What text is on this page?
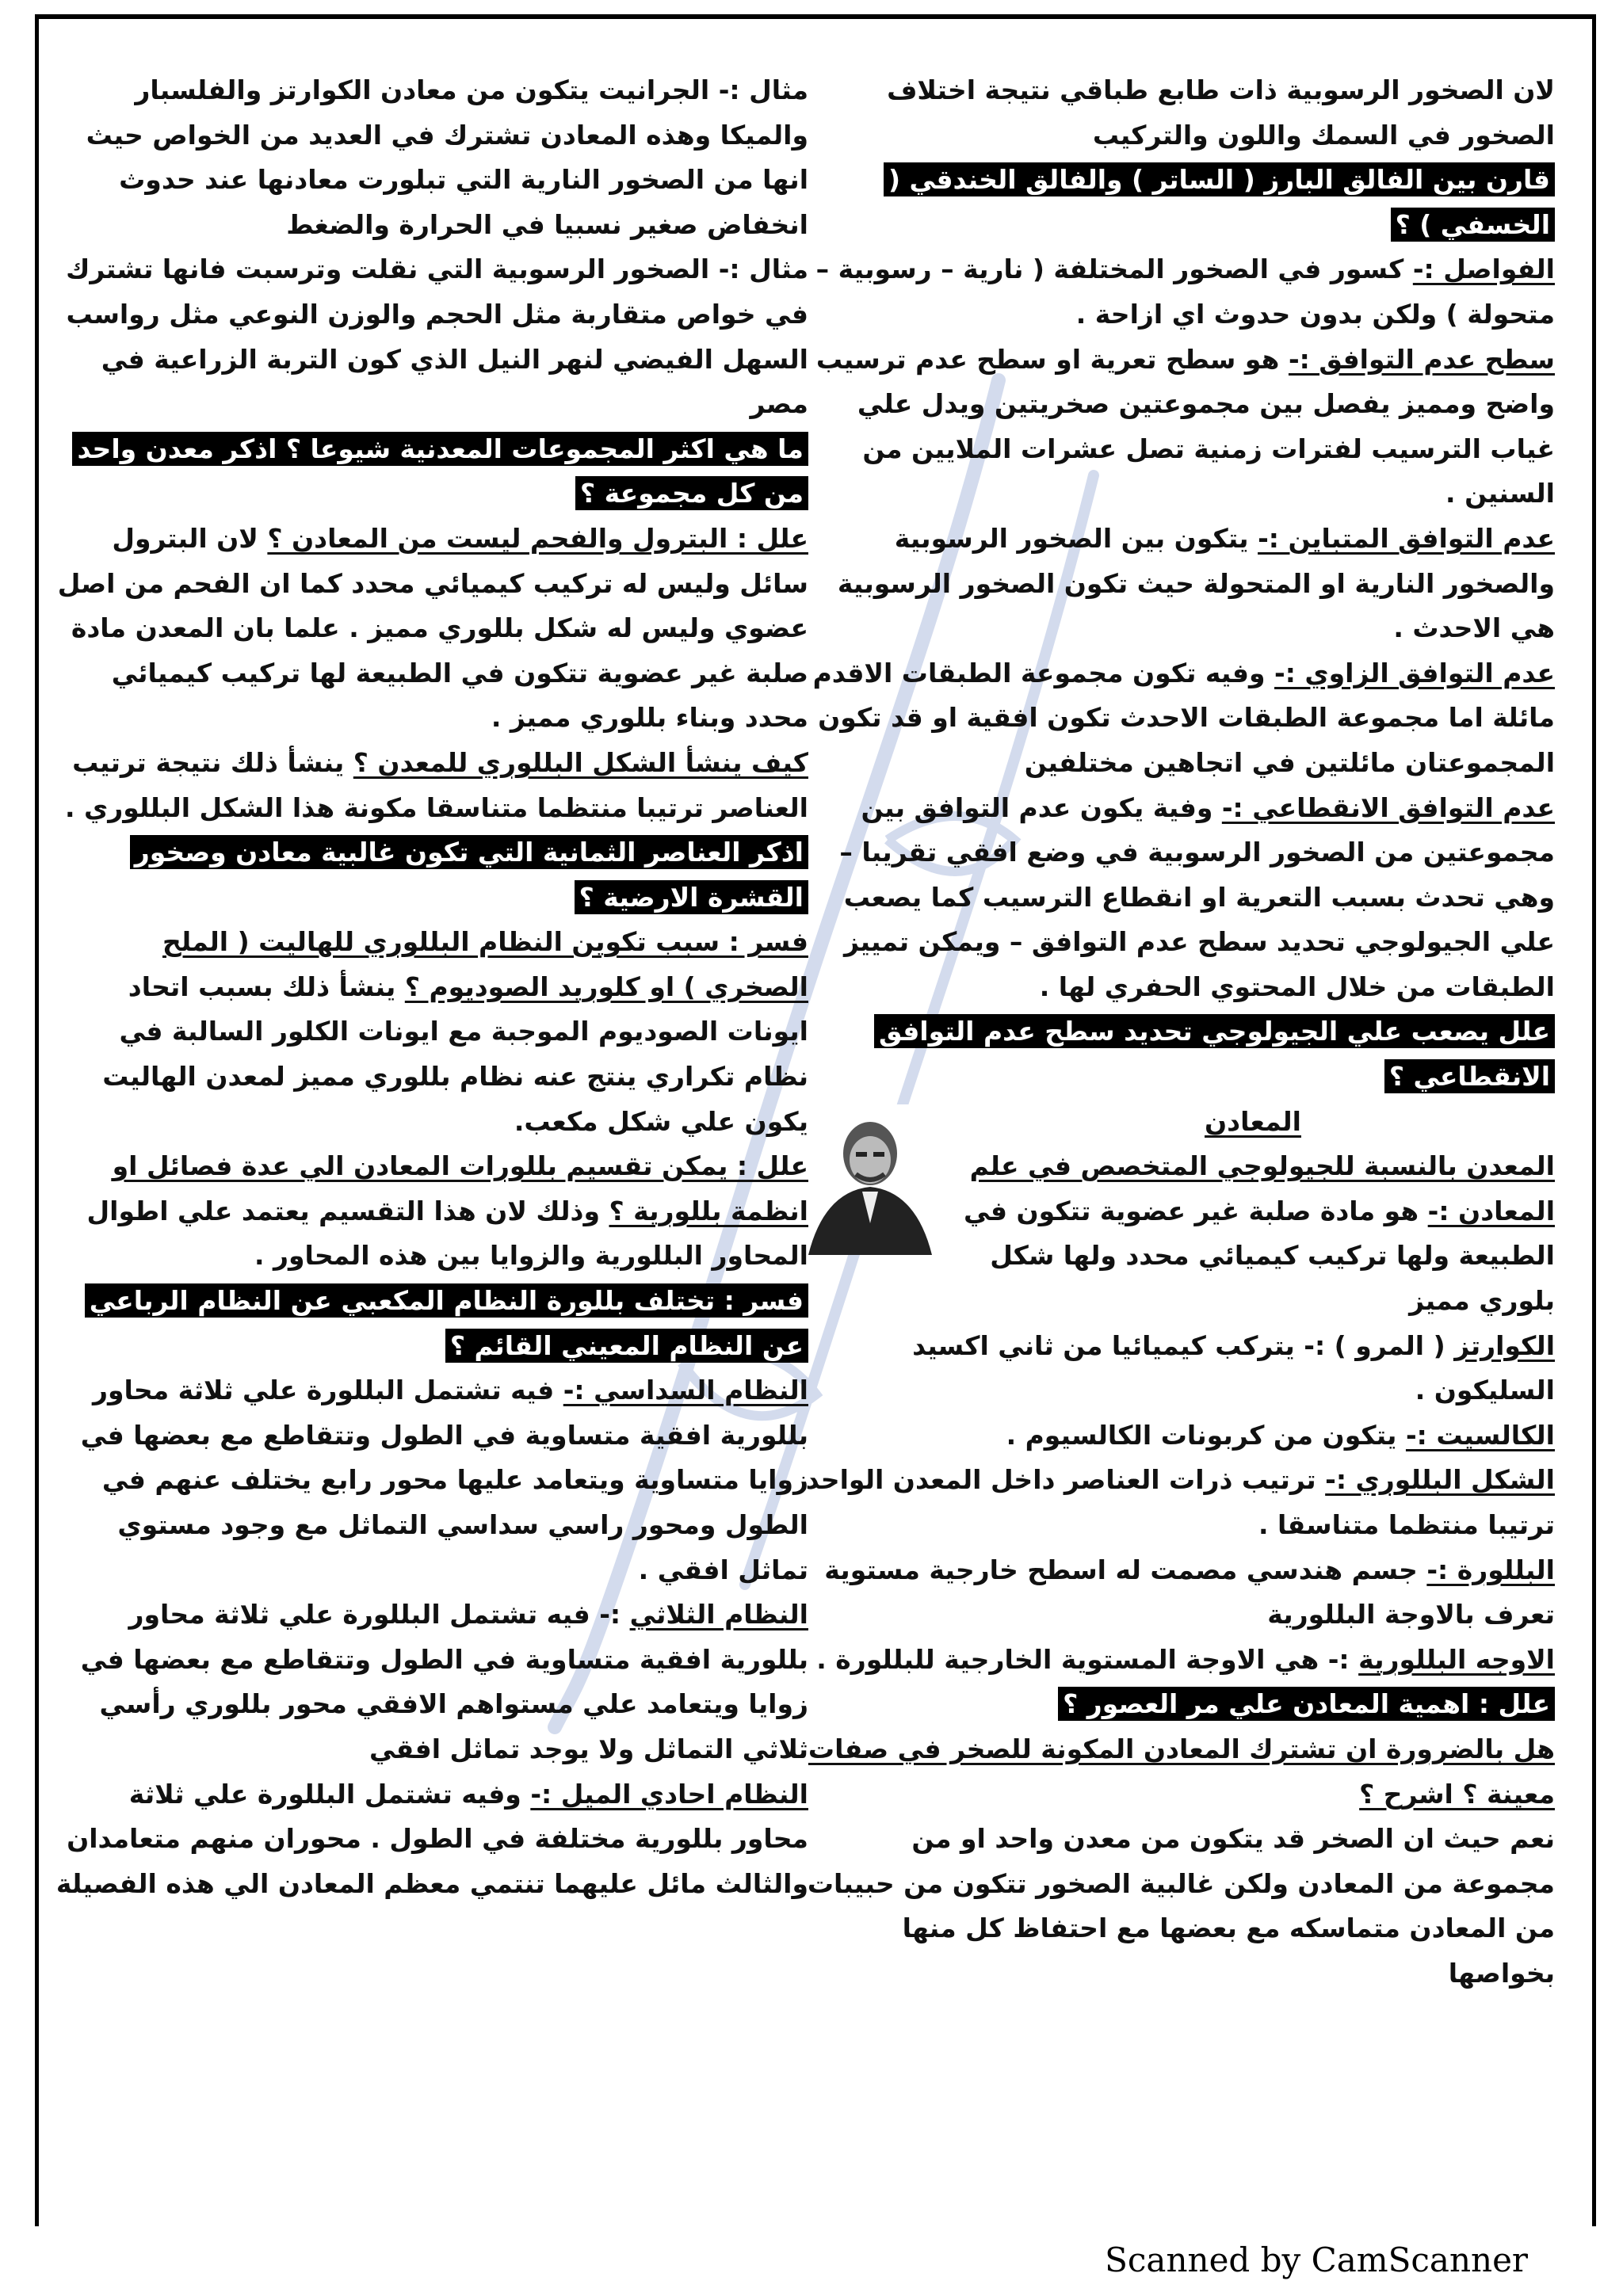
لان الصخور الرسوبية ذات طابع طباقي نتيجة اختلاف الصخور في السمك واللون والتركيب

قارن بين الفالق البارز ( الساتر ) والفالق الخندقي ( الخسفي ) ؟

الفواصل :- كسور في الصخور المختلفة ( نارية – رسوبية – متحولة ) ولكن بدون حدوث اي ازاحة .

سطح عدم التوافق :- هو سطح تعرية او سطح عدم ترسيب واضح ومميز يفصل بين مجموعتين صخريتين ويدل علي غياب الترسيب لفترات زمنية تصل عشرات الملايين من السنين .

عدم التوافق المتباين :- يتكون بين الصخور الرسوبية والصخور النارية او المتحولة حيث تكون الصخور الرسوبية هي الاحدث .

عدم التوافق الزاوي :- وفيه تكون مجموعة الطبقات الاقدم مائلة اما مجموعة الطبقات الاحدث تكون افقية او قد تكون المجموعتان مائلتين في اتجاهين مختلفين

عدم التوافق الانقطاعي :- وفية يكون عدم التوافق بين مجموعتين من الصخور الرسوبية في وضع افقي تقريبا – وهي تحدث بسبب التعرية او انقطاع الترسيب كما يصعب علي الجيولوجي تحديد سطح عدم التوافق – ويمكن تمييز الطبقات من خلال المحتوي الحفري لها .

علل يصعب علي الجيولوجي تحديد سطح عدم التوافق الانقطاعي ؟

المعادن

المعدن بالنسبة للجيولوجي المتخصص في علم المعادن :- هو مادة صلبة غير عضوية تتكون في الطبيعة ولها تركيب كيميائي محدد ولها شكل بلوري مميز

الكوارتز ( المرو ) :- يتركب كيميائيا من ثاني اكسيد السليكون .

الكالسيت :- يتكون من كربونات الكالسيوم .

الشكل البللوري :- ترتيب ذرات العناصر داخل المعدن الواحد ترتيبا منتظما متناسقا .

البللورة :- جسم هندسي مصمت له اسطح خارجية مستوية تعرف بالاوجة البللورية

الاوجه البللورية :- هي الاوجة المستوية الخارجية للبللورة .

علل : اهمية المعادن علي مر العصور ؟

هل بالضرورة ان تشترك المعادن المكونة للصخر في صفات معينة ؟ اشرح ؟

نعم حيث ان الصخر قد يتكون من معدن واحد او من مجموعة من المعادن ولكن غالبية الصخور تتكون من حبيبات من المعادن متماسكه مع بعضها مع احتفاظ كل منها بخواصها

مثال :- الجرانيت يتكون من معادن الكوارتز والفلسبار والميكا وهذه المعادن تشترك في العديد من الخواص حيث انها من الصخور النارية التي تبلورت معادنها عند حدوث انخفاض صغير نسبيا في الحرارة والضغط

مثال :- الصخور الرسوبية التي نقلت وترسبت فانها تشترك في خواص متقاربة مثل الحجم والوزن النوعي مثل رواسب السهل الفيضي لنهر النيل الذي كون التربة الزراعية في مصر

ما هي اكثر المجموعات المعدنية شيوعا ؟ اذكر معدن واحد من كل مجموعة ؟

علل : البترول والفحم ليست من المعادن ؟ لان البترول سائل وليس له تركيب كيميائي محدد كما ان الفحم من اصل عضوي وليس له شكل بللوري مميز . علما بان المعدن مادة صلبة غير عضوية تتكون في الطبيعة لها تركيب كيميائي محدد وبناء بللوري مميز .

كيف ينشأ الشكل البللوري للمعدن ؟ ينشأ ذلك نتيجة ترتيب العناصر ترتيبا منتظما متناسقا مكونة هذا الشكل البللوري .

اذكر العناصر الثمانية التي تكون غالبية معادن وصخور القشرة الارضية ؟

فسر : سبب تكوين النظام البللوري للهاليت ( الملح الصخري ) او كلوريد الصوديوم ؟ ينشأ ذلك بسبب اتحاد ايونات الصوديوم الموجبة مع ايونات الكلور السالبة في نظام تكراري ينتج عنه نظام بللوري مميز لمعدن الهاليت يكون علي شكل مكعب.

علل : يمكن تقسيم بللورات المعادن الي عدة فصائل او انظمة بللورية ؟ وذلك لان هذا التقسيم يعتمد علي اطوال المحاور البللورية والزوايا بين هذه المحاور .

فسر : تختلف بللورة النظام المكعبي عن النظام الرباعي عن النظام المعيني القائم ؟

النظام السداسي :- فيه تشتمل البللورة علي ثلاثة محاور بللورية افقية متساوية في الطول وتتقاطع مع بعضها في زوايا متساوية ويتعامد عليها محور رابع يختلف عنهم في الطول ومحور راسي سداسي التماثل مع وجود مستوي تماثل افقي .

النظام الثلاثي :- فيه تشتمل البللورة علي ثلاثة محاور بللورية افقية متساوية في الطول وتتقاطع مع بعضها في زوايا ويتعامد علي مستواهم الافقي محور بللوري رأسي ثلاثي التماثل ولا يوجد تماثل افقي

النظام احادي الميل :- وفيه تشتمل البللورة علي ثلاثة محاور بللورية مختلفة في الطول . محوران منهم متعامدان والثالث مائل عليهما تنتمي معظم المعادن الي هذه الفصيلة

Scanned by CamScanner
